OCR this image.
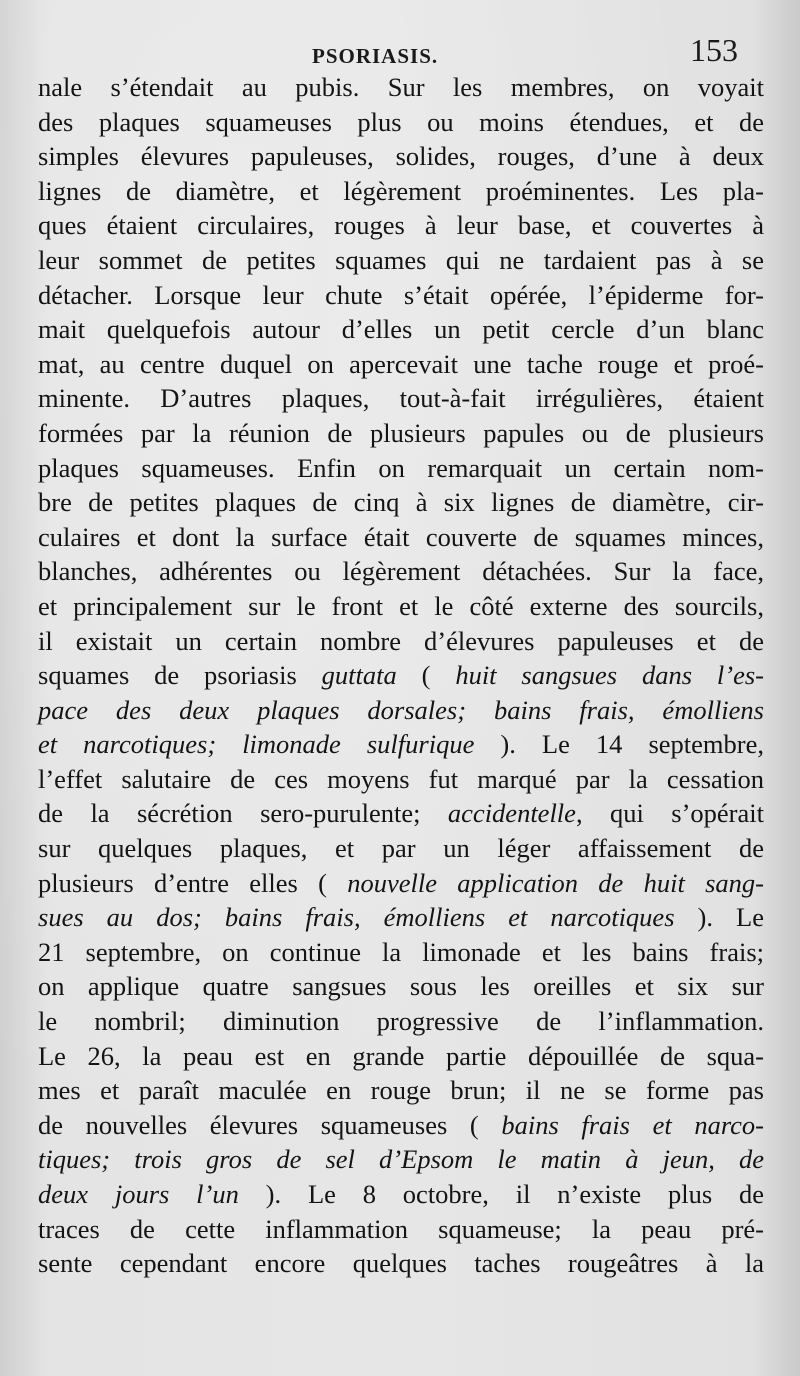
PSORIASIS.	153
nale s’étendait au pubis. Sur les membres, on voyait
des plaques squameuses plus ou moins étendues, et de
simples élevures papuleuses, solides, rouges, d’une à deux
lignes de diamètre, et légèrement proéminentes. Les pla-
ques étaient circulaires, rouges à leur base, et couvertes à
leur sommet de petites squames qui ne tardaient pas à se
détacher. Lorsque leur chute s’était opérée, l’épiderme for-
mait quelquefois autour d’elles un petit cercle d’un blanc
mat, au centre duquel on apercevait une tache rouge et proé-
minente. D’autres plaques, tout-à-fait irrégulières, étaient
formées par la réunion de plusieurs papules ou de plusieurs
plaques squameuses. Enfin on remarquait un certain nom-
bre de petites plaques de cinq à six lignes de diamètre, cir-
culaires et dont la surface était couverte de squames minces,
blanches, adhérentes ou légèrement détachées. Sur la face,
et principalement sur le front et le côté externe des sourcils,
il existait un certain nombre d’élevures papuleuses et de
squames de psoriasis guttata ( huit sangsues dans l’es-
pace des deux plaques dorsales; bains frais, émolliens
et narcotiques; limonade sulfurique ). Le 14 septembre,
l’effet salutaire de ces moyens fut marqué par la cessation
de la sécrétion sero-purulente; accidentelle, qui s’opérait
sur quelques plaques, et par un léger affaissement de
plusieurs d’entre elles ( nouvelle application de huit sang-
sues au dos; bains frais, émolliens et narcotiques ). Le
21 septembre, on continue la limonade et les bains frais;
on applique quatre sangsues sous les oreilles et six sur
le nombril; diminution progressive de l’inflammation.
Le 26, la peau est en grande partie dépouillée de squa-
mes et paraît maculée en rouge brun; il ne se forme pas
de nouvelles élevures squameuses ( bains frais et narco-
tiques; trois gros de sel d’Epsom le matin à jeun, de
deux jours l’un ). Le 8 octobre, il n’existe plus de
traces de cette inflammation squameuse; la peau pré-
sente cependant encore quelques taches rougeâtres à la
